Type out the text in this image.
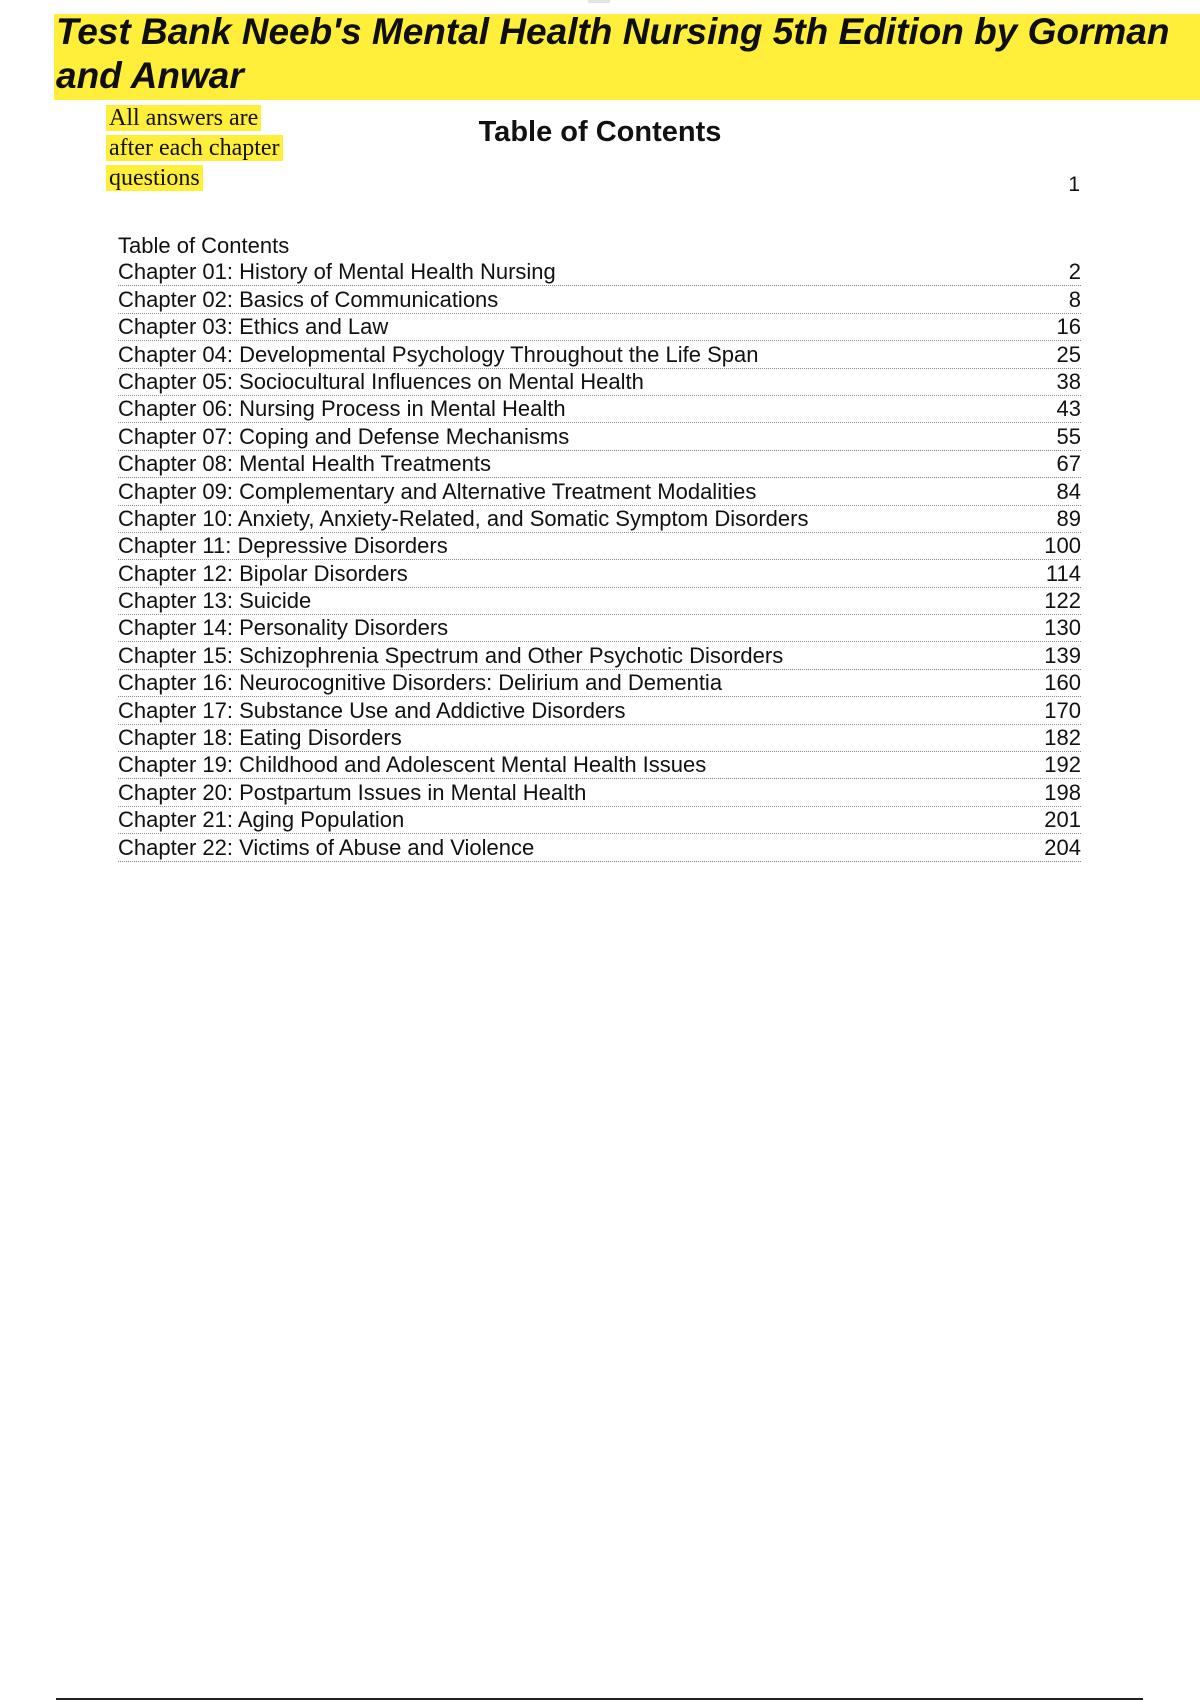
Test Bank Neeb's Mental Health Nursing 5th Edition by Gorman and Anwar
All answers are
after each chapter
questions
Table of Contents
1
Table of Contents
Chapter 01: History of Mental Health Nursing	2
Chapter 02: Basics of Communications	8
Chapter 03: Ethics and Law	16
Chapter 04: Developmental Psychology Throughout the Life Span	25
Chapter 05: Sociocultural Influences on Mental Health	38
Chapter 06: Nursing Process in Mental Health	43
Chapter 07: Coping and Defense Mechanisms	55
Chapter 08: Mental Health Treatments	67
Chapter 09: Complementary and Alternative Treatment Modalities	84
Chapter 10: Anxiety, Anxiety-Related, and Somatic Symptom Disorders	89
Chapter 11: Depressive Disorders	100
Chapter 12: Bipolar Disorders	114
Chapter 13: Suicide	122
Chapter 14: Personality Disorders	130
Chapter 15: Schizophrenia Spectrum and Other Psychotic Disorders	139
Chapter 16: Neurocognitive Disorders: Delirium and Dementia	160
Chapter 17: Substance Use and Addictive Disorders	170
Chapter 18: Eating Disorders	182
Chapter 19: Childhood and Adolescent Mental Health Issues	192
Chapter 20: Postpartum Issues in Mental Health	198
Chapter 21: Aging Population	201
Chapter 22: Victims of Abuse and Violence	204
